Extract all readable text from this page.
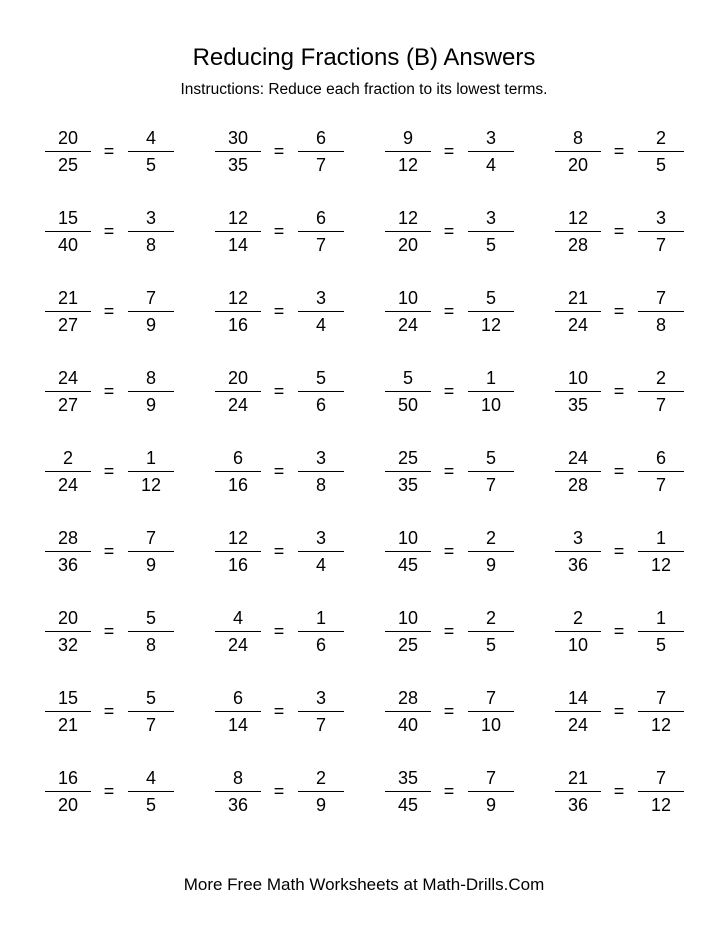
Reducing Fractions (B) Answers
Instructions: Reduce each fraction to its lowest terms.
20
25
=
4
5
30
35
=
6
7
9
12
=
3
4
8
20
=
2
5
15
40
=
3
8
12
14
=
6
7
12
20
=
3
5
12
28
=
3
7
21
27
=
7
9
12
16
=
3
4
10
24
=
5
12
21
24
=
7
8
24
27
=
8
9
20
24
=
5
6
5
50
=
1
10
10
35
=
2
7
2
24
=
1
12
6
16
=
3
8
25
35
=
5
7
24
28
=
6
7
28
36
=
7
9
12
16
=
3
4
10
45
=
2
9
3
36
=
1
12
20
32
=
5
8
4
24
=
1
6
10
25
=
2
5
2
10
=
1
5
15
21
=
5
7
6
14
=
3
7
28
40
=
7
10
14
24
=
7
12
16
20
=
4
5
8
36
=
2
9
35
45
=
7
9
21
36
=
7
12
More Free Math Worksheets at Math-Drills.Com
